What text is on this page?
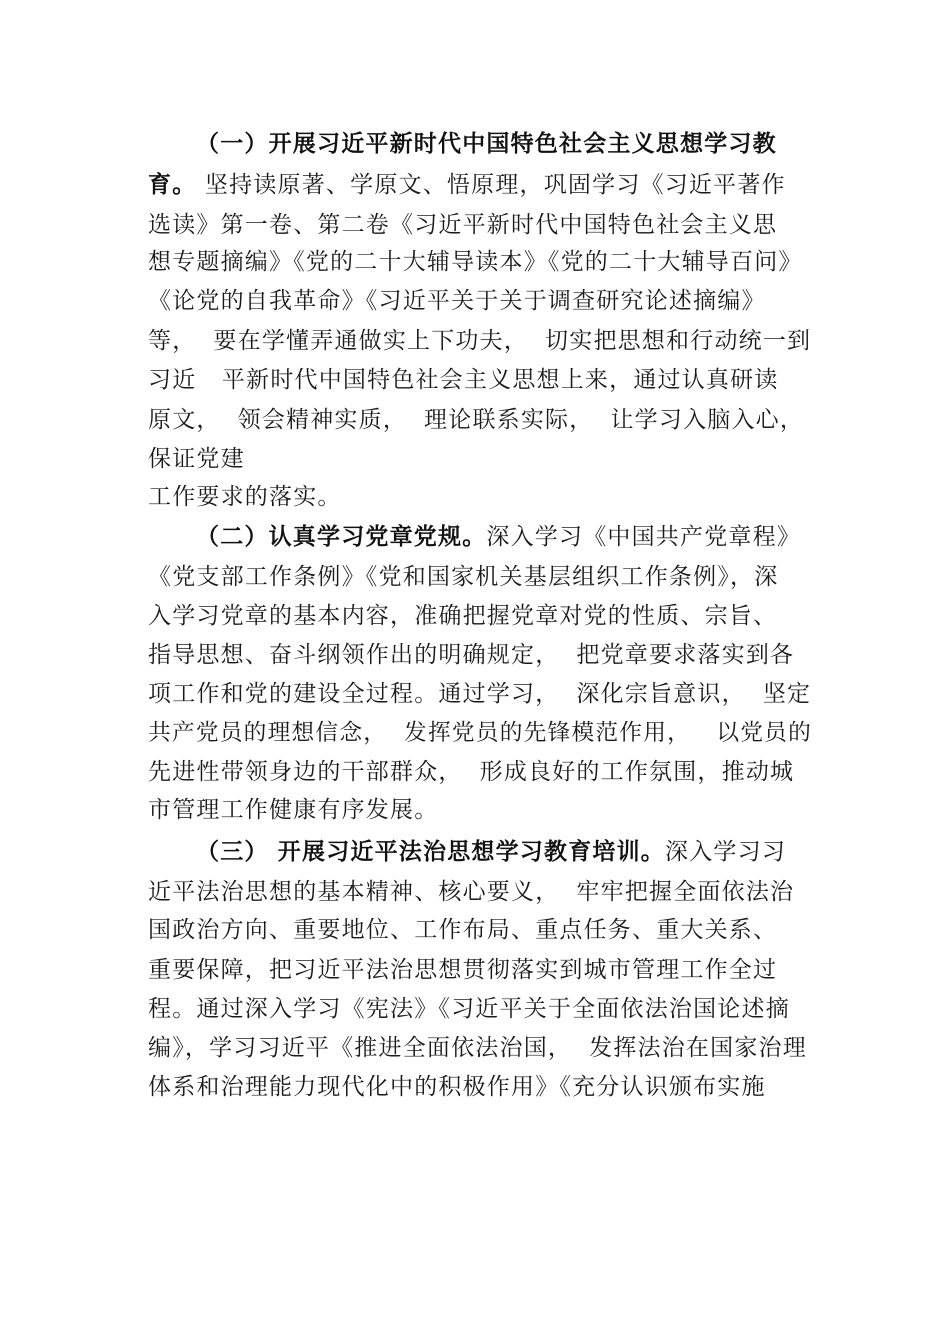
（一）开展习近平新时代中国特色社会主义思想学习教

育。 坚持读原著、学原文、悟原理，巩固学习《习近平著作

选读》第一卷、第二卷《习近平新时代中国特色社会主义思

想专题摘编》《党的二十大辅导读本》《党的二十大辅导百问》

《论党的自我革命》《习近平关于关于调查研究论述摘编》

等，  要在学懂弄通做实上下功夫，  切实把思想和行动统一到

习近   平新时代中国特色社会主义思想上来，通过认真研读

原文，  领会精神实质，  理论联系实际，  让学习入脑入心，

保证党建

工作要求的落实。

（二）认真学习党章党规。深入学习《中国共产党章程》

《党支部工作条例》《党和国家机关基层组织工作条例》，深

入学习党章的基本内容，准确把握党章对党的性质、宗旨、

指导思想、奋斗纲领作出的明确规定，  把党章要求落实到各

项工作和党的建设全过程。通过学习，  深化宗旨意识，  坚定

共产党员的理想信念，  发挥党员的先锋模范作用，   以党员的

先进性带领身边的干部群众，  形成良好的工作氛围，推动城

市管理工作健康有序发展。

（三） 开展习近平法治思想学习教育培训。深入学习习

近平法治思想的基本精神、核心要义，  牢牢把握全面依法治

国政治方向、重要地位、工作布局、重点任务、重大关系、

重要保障，把习近平法治思想贯彻落实到城市管理工作全过

程。通过深入学习《宪法》《习近平关于全面依法治国论述摘

编》，学习习近平《推进全面依法治国，  发挥法治在国家治理

体系和治理能力现代化中的积极作用》《充分认识颁布实施
